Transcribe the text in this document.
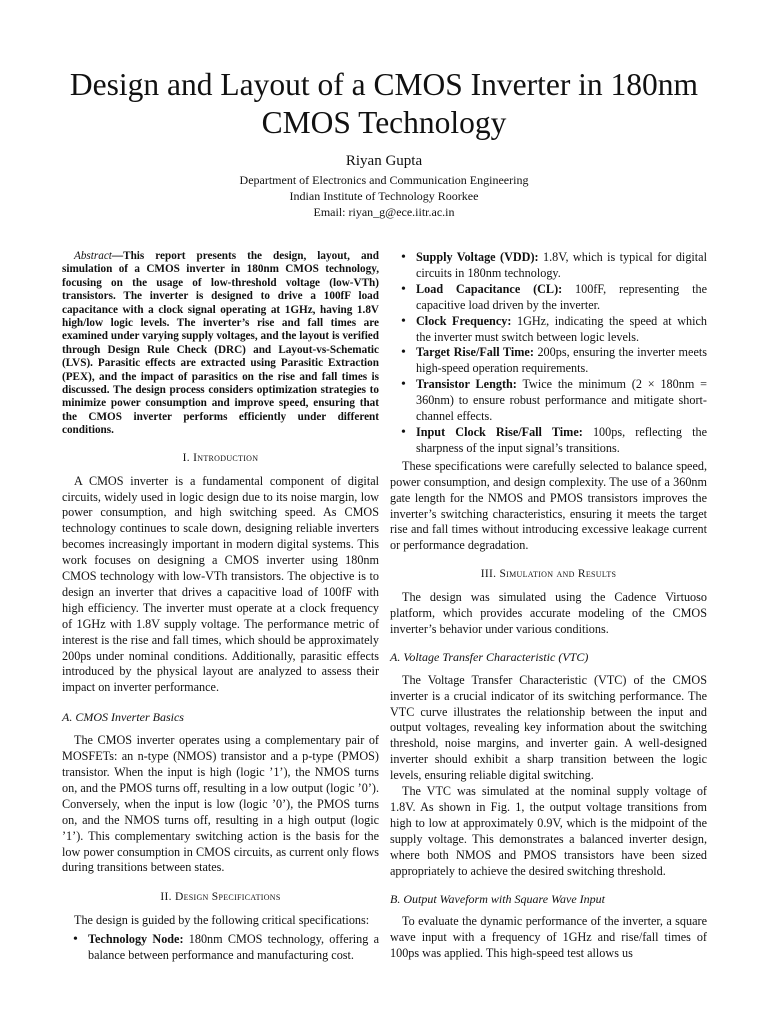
Design and Layout of a CMOS Inverter in 180nm CMOS Technology
Riyan Gupta
Department of Electronics and Communication Engineering
Indian Institute of Technology Roorkee
Email: riyan_g@ece.iitr.ac.in

Abstract—This report presents the design, layout, and simulation of a CMOS inverter in 180nm CMOS technology, focusing on the usage of low-threshold voltage (low-VTh) transistors. The inverter is designed to drive a 100fF load capacitance with a clock signal operating at 1GHz, having 1.8V high/low logic levels. The inverter’s rise and fall times are examined under varying supply voltages, and the layout is verified through Design Rule Check (DRC) and Layout-vs-Schematic (LVS). Parasitic effects are extracted using Parasitic Extraction (PEX), and the impact of parasitics on the rise and fall times is discussed. The design process considers optimization strategies to minimize power consumption and improve speed, ensuring that the CMOS inverter performs efficiently under different conditions.

I. Introduction

A CMOS inverter is a fundamental component of digital circuits, widely used in logic design due to its noise margin, low power consumption, and high switching speed. As CMOS technology continues to scale down, designing reliable inverters becomes increasingly important in modern digital systems. This work focuses on designing a CMOS inverter using 180nm CMOS technology with low-VTh transistors. The objective is to design an inverter that drives a capacitive load of 100fF with high efficiency. The inverter must operate at a clock frequency of 1GHz with 1.8V supply voltage. The performance metric of interest is the rise and fall times, which should be approximately 200ps under nominal conditions. Additionally, parasitic effects introduced by the physical layout are analyzed to assess their impact on inverter performance.

A. CMOS Inverter Basics

The CMOS inverter operates using a complementary pair of MOSFETs: an n-type (NMOS) transistor and a p-type (PMOS) transistor. When the input is high (logic ’1’), the NMOS turns on, and the PMOS turns off, resulting in a low output (logic ’0’). Conversely, when the input is low (logic ’0’), the PMOS turns on, and the NMOS turns off, resulting in a high output (logic ’1’). This complementary switching action is the basis for the low power consumption in CMOS circuits, as current only flows during transitions between states.

II. Design Specifications

The design is guided by the following critical specifications:

• Technology Node: 180nm CMOS technology, offering a balance between performance and manufacturing cost.
• Supply Voltage (VDD): 1.8V, which is typical for digital circuits in 180nm technology.
• Load Capacitance (CL): 100fF, representing the capacitive load driven by the inverter.
• Clock Frequency: 1GHz, indicating the speed at which the inverter must switch between logic levels.
• Target Rise/Fall Time: 200ps, ensuring the inverter meets high-speed operation requirements.
• Transistor Length: Twice the minimum (2 × 180nm = 360nm) to ensure robust performance and mitigate short-channel effects.
• Input Clock Rise/Fall Time: 100ps, reflecting the sharpness of the input signal’s transitions.

These specifications were carefully selected to balance speed, power consumption, and design complexity. The use of a 360nm gate length for the NMOS and PMOS transistors improves the inverter’s switching characteristics, ensuring it meets the target rise and fall times without introducing excessive leakage current or performance degradation.

III. Simulation and Results

The design was simulated using the Cadence Virtuoso platform, which provides accurate modeling of the CMOS inverter’s behavior under various conditions.

A. Voltage Transfer Characteristic (VTC)

The Voltage Transfer Characteristic (VTC) of the CMOS inverter is a crucial indicator of its switching performance. The VTC curve illustrates the relationship between the input and output voltages, revealing key information about the switching threshold, noise margins, and inverter gain. A well-designed inverter should exhibit a sharp transition between the logic levels, ensuring reliable digital switching.

The VTC was simulated at the nominal supply voltage of 1.8V. As shown in Fig. 1, the output voltage transitions from high to low at approximately 0.9V, which is the midpoint of the supply voltage. This demonstrates a balanced inverter design, where both NMOS and PMOS transistors have been sized appropriately to achieve the desired switching threshold.

B. Output Waveform with Square Wave Input

To evaluate the dynamic performance of the inverter, a square wave input with a frequency of 1GHz and rise/fall times of 100ps was applied. This high-speed test allows us
